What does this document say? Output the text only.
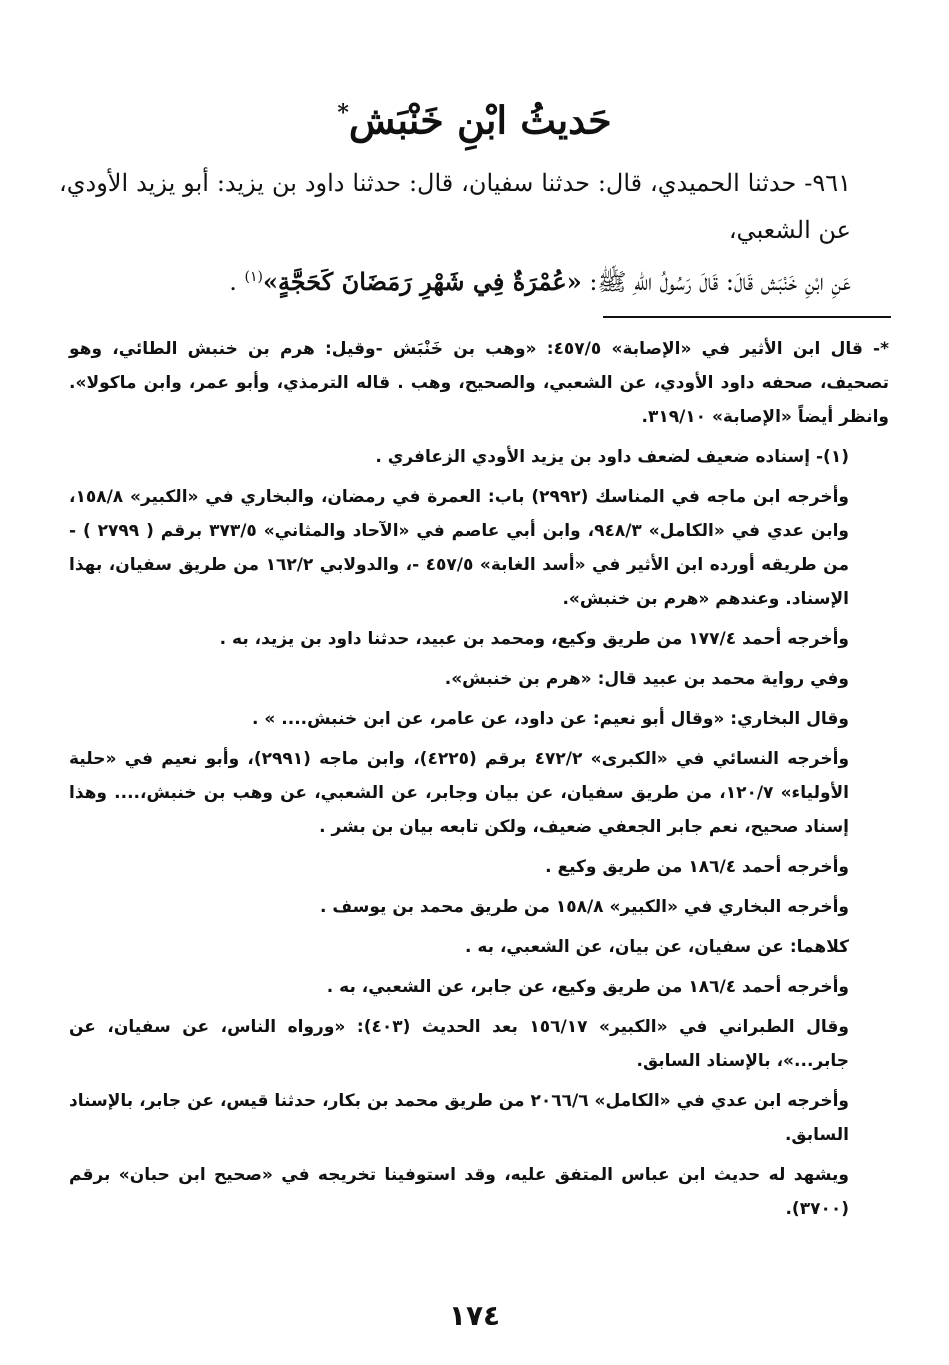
حَديثُ ابْنِ خَنْبَش*

٩٦١- حدثنا الحميدي، قال: حدثنا سفيان، قال: حدثنا داود بن يزيد: أبو يزيد الأودي، عن الشعبي،

عَنِ ابْنِ خَنْبَش قَالَ: قَالَ رَسُولُ اللهِ ﷺ: «عُمْرَةٌ فِي شَهْرِ رَمَضَانَ كَحَجَّةٍ»$^{(١)}$ .

*- قال ابن الأثير في «الإصابة» ٤٥٧/٥: «وهب بن خَنْبَش -وقيل: هرم بن خنبش الطائي، وهو تصحيف، صحفه داود الأودي، عن الشعبي، والصحيح، وهب . قاله الترمذي، وأبو عمر، وابن ماكولا». وانظر أيضاً «الإصابة» ٣١٩/١٠.

(١)- إسناده ضعيف لضعف داود بن يزيد الأودي الزعافري .

وأخرجه ابن ماجه في المناسك (٢٩٩٢) باب: العمرة في رمضان، والبخاري في «الكبير» ١٥٨/٨، وابن عدي في «الكامل» ٩٤٨/٣، وابن أبي عاصم في «الآحاد والمثاني» ٣٧٣/٥ برقم ( ٢٧٩٩ ) - من طريقه أورده ابن الأثير في «أسد الغابة» ٤٥٧/٥ -، والدولابي ١٦٢/٢ من طريق سفيان، بهذا الإسناد. وعندهم «هرم بن خنبش».

وأخرجه أحمد ١٧٧/٤ من طريق وكيع، ومحمد بن عبيد، حدثنا داود بن يزيد، به .

وفي رواية محمد بن عبيد قال: «هرم بن خنبش».

وقال البخاري: «وقال أبو نعيم: عن داود، عن عامر، عن ابن خنبش.... » .

وأخرجه النسائي في «الكبرى» ٤٧٢/٢ برقم (٤٢٢٥)، وابن ماجه (٢٩٩١)، وأبو نعيم في «حلية الأولياء» ١٢٠/٧، من طريق سفيان، عن بيان وجابر، عن الشعبي، عن وهب بن خنبش،.... وهذا إسناد صحيح، نعم جابر الجعفي ضعيف، ولكن تابعه بيان بن بشر .

وأخرجه أحمد ١٨٦/٤ من طريق وكيع .

وأخرجه البخاري في «الكبير» ١٥٨/٨ من طريق محمد بن يوسف .

كلاهما: عن سفيان، عن بيان، عن الشعبي، به .

وأخرجه أحمد ١٨٦/٤ من طريق وكيع، عن جابر، عن الشعبي، به .

وقال الطبراني في «الكبير» ١٥٦/١٧ بعد الحديث (٤٠٣): «ورواه الناس، عن سفيان، عن جابر...»، بالإسناد السابق.

وأخرجه ابن عدي في «الكامل» ٢٠٦٦/٦ من طريق محمد بن بكار، حدثنا قيس، عن جابر، بالإسناد السابق.

ويشهد له حديث ابن عباس المتفق عليه، وقد استوفينا تخريجه في «صحيح ابن حبان» برقم (٣٧٠٠).

١٧٤
